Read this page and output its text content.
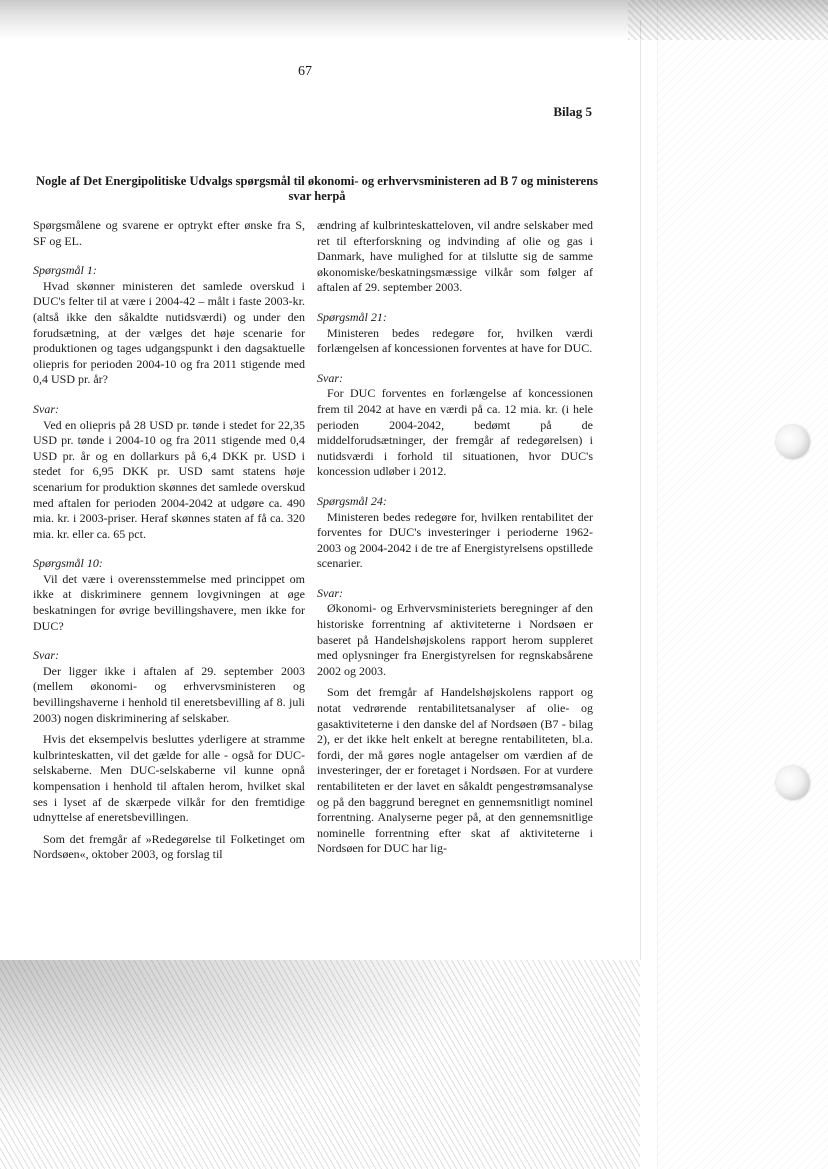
67
Bilag 5
Nogle af Det Energipolitiske Udvalgs spørgsmål til økonomi- og erhvervsministeren ad B 7 og ministerens svar herpå

Spørgsmålene og svarene er optrykt efter ønske fra S, SF og EL.

Spørgsmål 1:

Hvad skønner ministeren det samlede overskud i DUC's felter til at være i 2004-42 – målt i faste 2003-kr. (altså ikke den såkaldte nutidsværdi) og under den forudsætning, at der vælges det høje scenarie for produktionen og tages udgangspunkt i den dagsaktuelle oliepris for perioden 2004-10 og fra 2011 stigende med 0,4 USD pr. år?

Svar:

Ved en oliepris på 28 USD pr. tønde i stedet for 22,35 USD pr. tønde i 2004-10 og fra 2011 stigende med 0,4 USD pr. år og en dollarkurs på 6,4 DKK pr. USD i stedet for 6,95 DKK pr. USD samt statens høje scenarium for produktion skønnes det samlede overskud med aftalen for perioden 2004-2042 at udgøre ca. 490 mia. kr. i 2003-priser. Heraf skønnes staten af få ca. 320 mia. kr. eller ca. 65 pct.

Spørgsmål 10:

Vil det være i overensstemmelse med princippet om ikke at diskriminere gennem lovgivningen at øge beskatningen for øvrige bevillingshavere, men ikke for DUC?

Svar:

Der ligger ikke i aftalen af 29. september 2003 (mellem økonomi- og erhvervsministeren og bevillingshaverne i henhold til eneretsbevilling af 8. juli 2003) nogen diskriminering af selskaber.

Hvis det eksempelvis besluttes yderligere at stramme kulbrinteskatten, vil det gælde for alle - også for DUC-selskaberne. Men DUC-selskaberne vil kunne opnå kompensation i henhold til aftalen herom, hvilket skal ses i lyset af de skærpede vilkår for den fremtidige udnyttelse af eneretsbevillingen.

Som det fremgår af »Redegørelse til Folketinget om Nordsøen«, oktober 2003, og forslag til

ændring af kulbrinteskatteloven, vil andre selskaber med ret til efterforskning og indvinding af olie og gas i Danmark, have mulighed for at tilslutte sig de samme økonomiske/beskatningsmæssige vilkår som følger af aftalen af 29. september 2003.

Spørgsmål 21:

Ministeren bedes redegøre for, hvilken værdi forlængelsen af koncessionen forventes at have for DUC.

Svar:

For DUC forventes en forlængelse af koncessionen frem til 2042 at have en værdi på ca. 12 mia. kr. (i hele perioden 2004-2042, bedømt på de middelforudsætninger, der fremgår af redegørelsen) i nutidsværdi i forhold til situationen, hvor DUC's koncession udløber i 2012.

Spørgsmål 24:

Ministeren bedes redegøre for, hvilken rentabilitet der forventes for DUC's investeringer i perioderne 1962-2003 og 2004-2042 i de tre af Energistyrelsens opstillede scenarier.

Svar:

Økonomi- og Erhvervsministeriets beregninger af den historiske forrentning af aktiviteterne i Nordsøen er baseret på Handelshøjskolens rapport herom suppleret med oplysninger fra Energistyrelsen for regnskabsårene 2002 og 2003.

Som det fremgår af Handelshøjskolens rapport og notat vedrørende rentabilitetsanalyser af olie- og gasaktiviteterne i den danske del af Nordsøen (B7 - bilag 2), er det ikke helt enkelt at beregne rentabiliteten, bl.a. fordi, der må gøres nogle antagelser om værdien af de investeringer, der er foretaget i Nordsøen. For at vurdere rentabiliteten er der lavet en såkaldt pengestrømsanalyse og på den baggrund beregnet en gennemsnitligt nominel forrentning. Analyserne peger på, at den gennemsnitlige nominelle forrentning efter skat af aktiviteterne i Nordsøen for DUC har lig-
